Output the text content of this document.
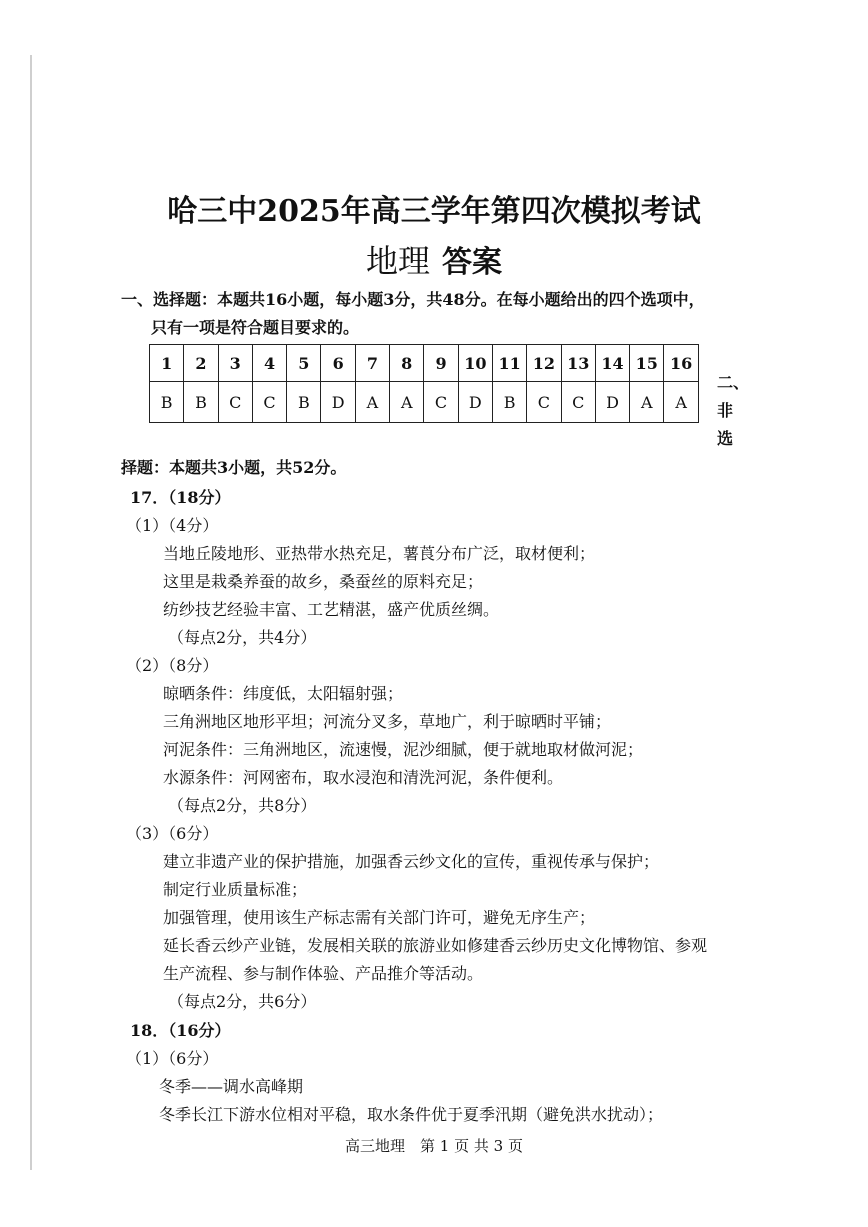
哈三中2025年高三学年第四次模拟考试
地理 答案
一、选择题：本题共16小题，每小题3分，共48分。在每小题给出的四个选项中，
只有一项是符合题目要求的。
1	2	3	4	5	6	7	8	9	10	11	12	13	14	15	16
B	B	C	C	B	D	A	A	C	D	B	C	C	D	A	A
二、
非
选
择题：本题共3小题，共52分。
17．（18分）
（1）（4分）
当地丘陵地形、亚热带水热充足，薯莨分布广泛，取材便利；
这里是栽桑养蚕的故乡，桑蚕丝的原料充足；
纺纱技艺经验丰富、工艺精湛，盛产优质丝绸。
（每点2分，共4分）
（2）（8分）
晾晒条件：纬度低，太阳辐射强；
三角洲地区地形平坦；河流分叉多，草地广，利于晾晒时平铺；
河泥条件：三角洲地区，流速慢，泥沙细腻，便于就地取材做河泥；
水源条件：河网密布，取水浸泡和清洗河泥，条件便利。
（每点2分，共8分）
（3）（6分）
建立非遗产业的保护措施，加强香云纱文化的宣传，重视传承与保护；
制定行业质量标准；
加强管理，使用该生产标志需有关部门许可，避免无序生产；
延长香云纱产业链，发展相关联的旅游业如修建香云纱历史文化博物馆、参观
生产流程、参与制作体验、产品推介等活动。
（每点2分，共6分）
18．（16分）
（1）（6分）
冬季——调水高峰期
冬季长江下游水位相对平稳，取水条件优于夏季汛期（避免洪水扰动）；
高三地理　第 1 页 共 3 页
